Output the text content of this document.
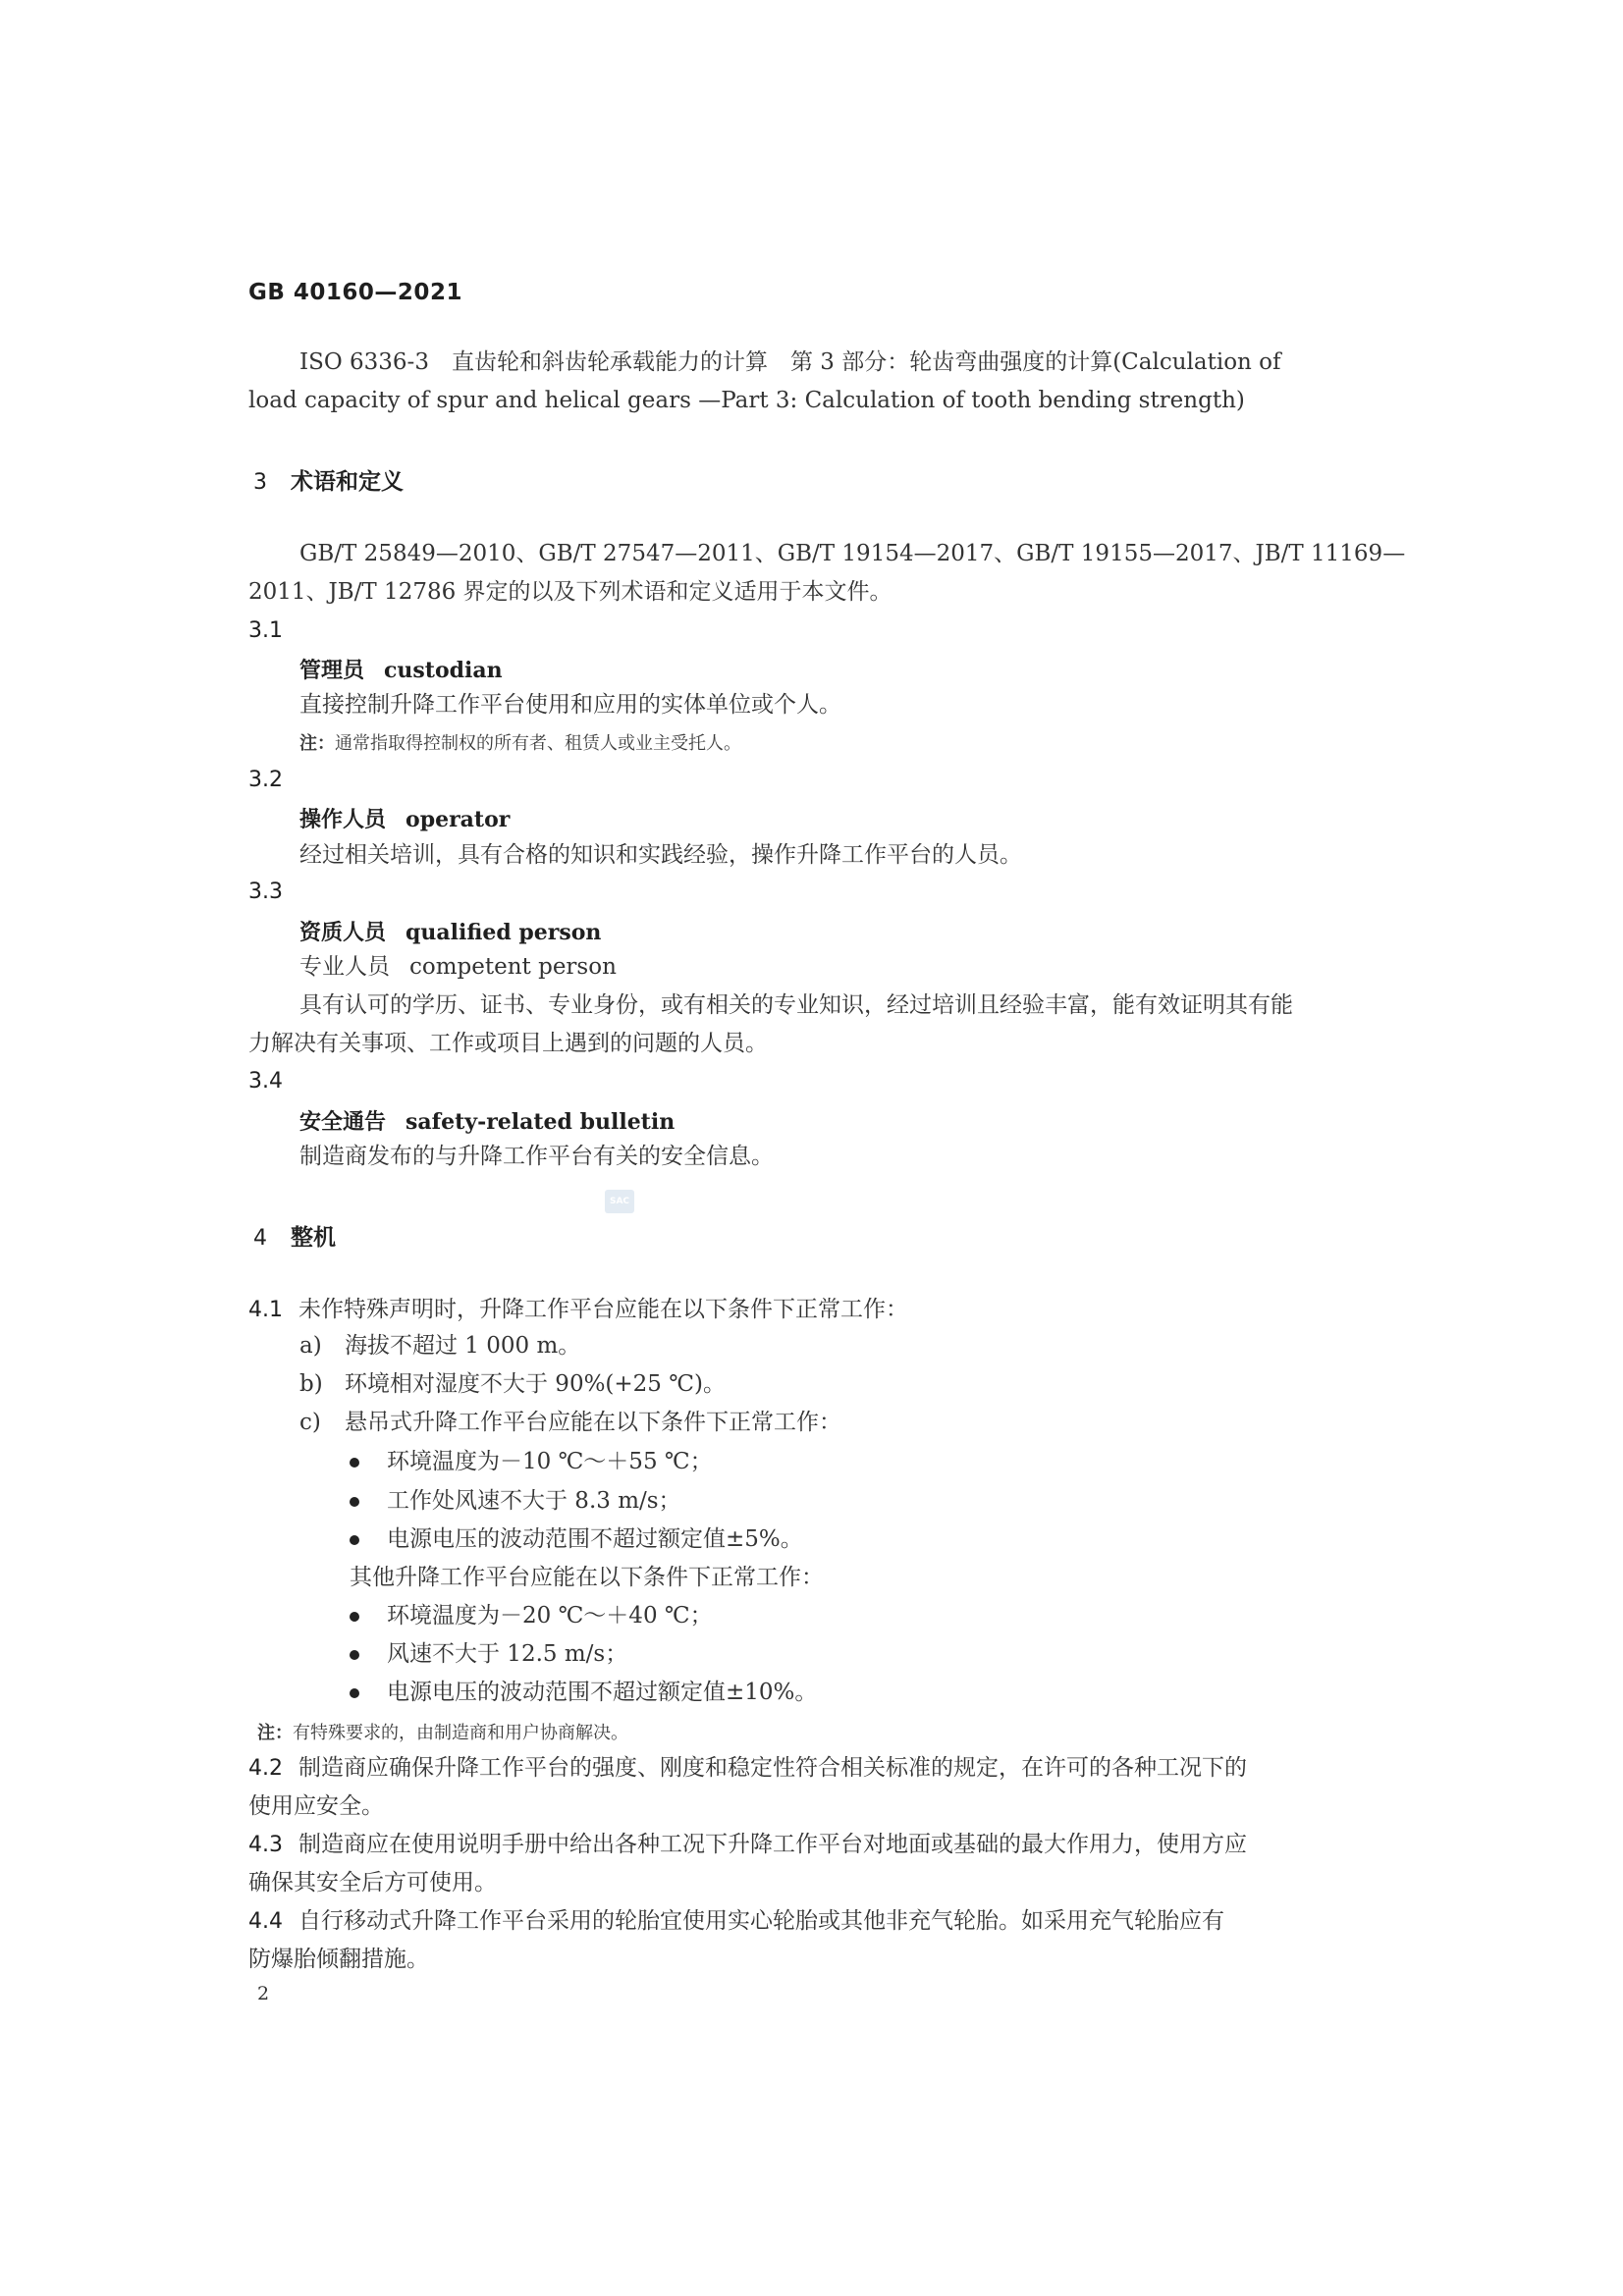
GB 40160—2021
ISO 6336-3　直齿轮和斜齿轮承载能力的计算　第 3 部分：轮齿弯曲强度的计算(Calculation of
load capacity of spur and helical gears —Part 3: Calculation of tooth bending strength)
3 术语和定义
GB/T 25849—2010、GB/T 27547—2011、GB/T 19154—2017、GB/T 19155—2017、JB/T 11169—
2011、JB/T 12786 界定的以及下列术语和定义适用于本文件。
3.1
管理员 custodian
直接控制升降工作平台使用和应用的实体单位或个人。
注：通常指取得控制权的所有者、租赁人或业主受托人。
3.2
操作人员 operator
经过相关培训，具有合格的知识和实践经验，操作升降工作平台的人员。
3.3
资质人员 qualified person
专业人员 competent person
具有认可的学历、证书、专业身份，或有相关的专业知识，经过培训且经验丰富，能有效证明其有能
力解决有关事项、工作或项目上遇到的问题的人员。
3.4
安全通告 safety-related bulletin
制造商发布的与升降工作平台有关的安全信息。
SAC
4 整机
4.1 未作特殊声明时，升降工作平台应能在以下条件下正常工作：
a) 海拔不超过 1 000 m。
b) 环境相对湿度不大于 90%(+25 ℃)。
c) 悬吊式升降工作平台应能在以下条件下正常工作：
环境温度为－10 ℃～＋55 ℃；
工作处风速不大于 8.3 m/s；
电源电压的波动范围不超过额定值±5%。
其他升降工作平台应能在以下条件下正常工作：
环境温度为－20 ℃～＋40 ℃；
风速不大于 12.5 m/s；
电源电压的波动范围不超过额定值±10%。
注：有特殊要求的，由制造商和用户协商解决。
4.2 制造商应确保升降工作平台的强度、刚度和稳定性符合相关标准的规定，在许可的各种工况下的
使用应安全。
4.3 制造商应在使用说明手册中给出各种工况下升降工作平台对地面或基础的最大作用力，使用方应
确保其安全后方可使用。
4.4 自行移动式升降工作平台采用的轮胎宜使用实心轮胎或其他非充气轮胎。如采用充气轮胎应有
防爆胎倾翻措施。
2
